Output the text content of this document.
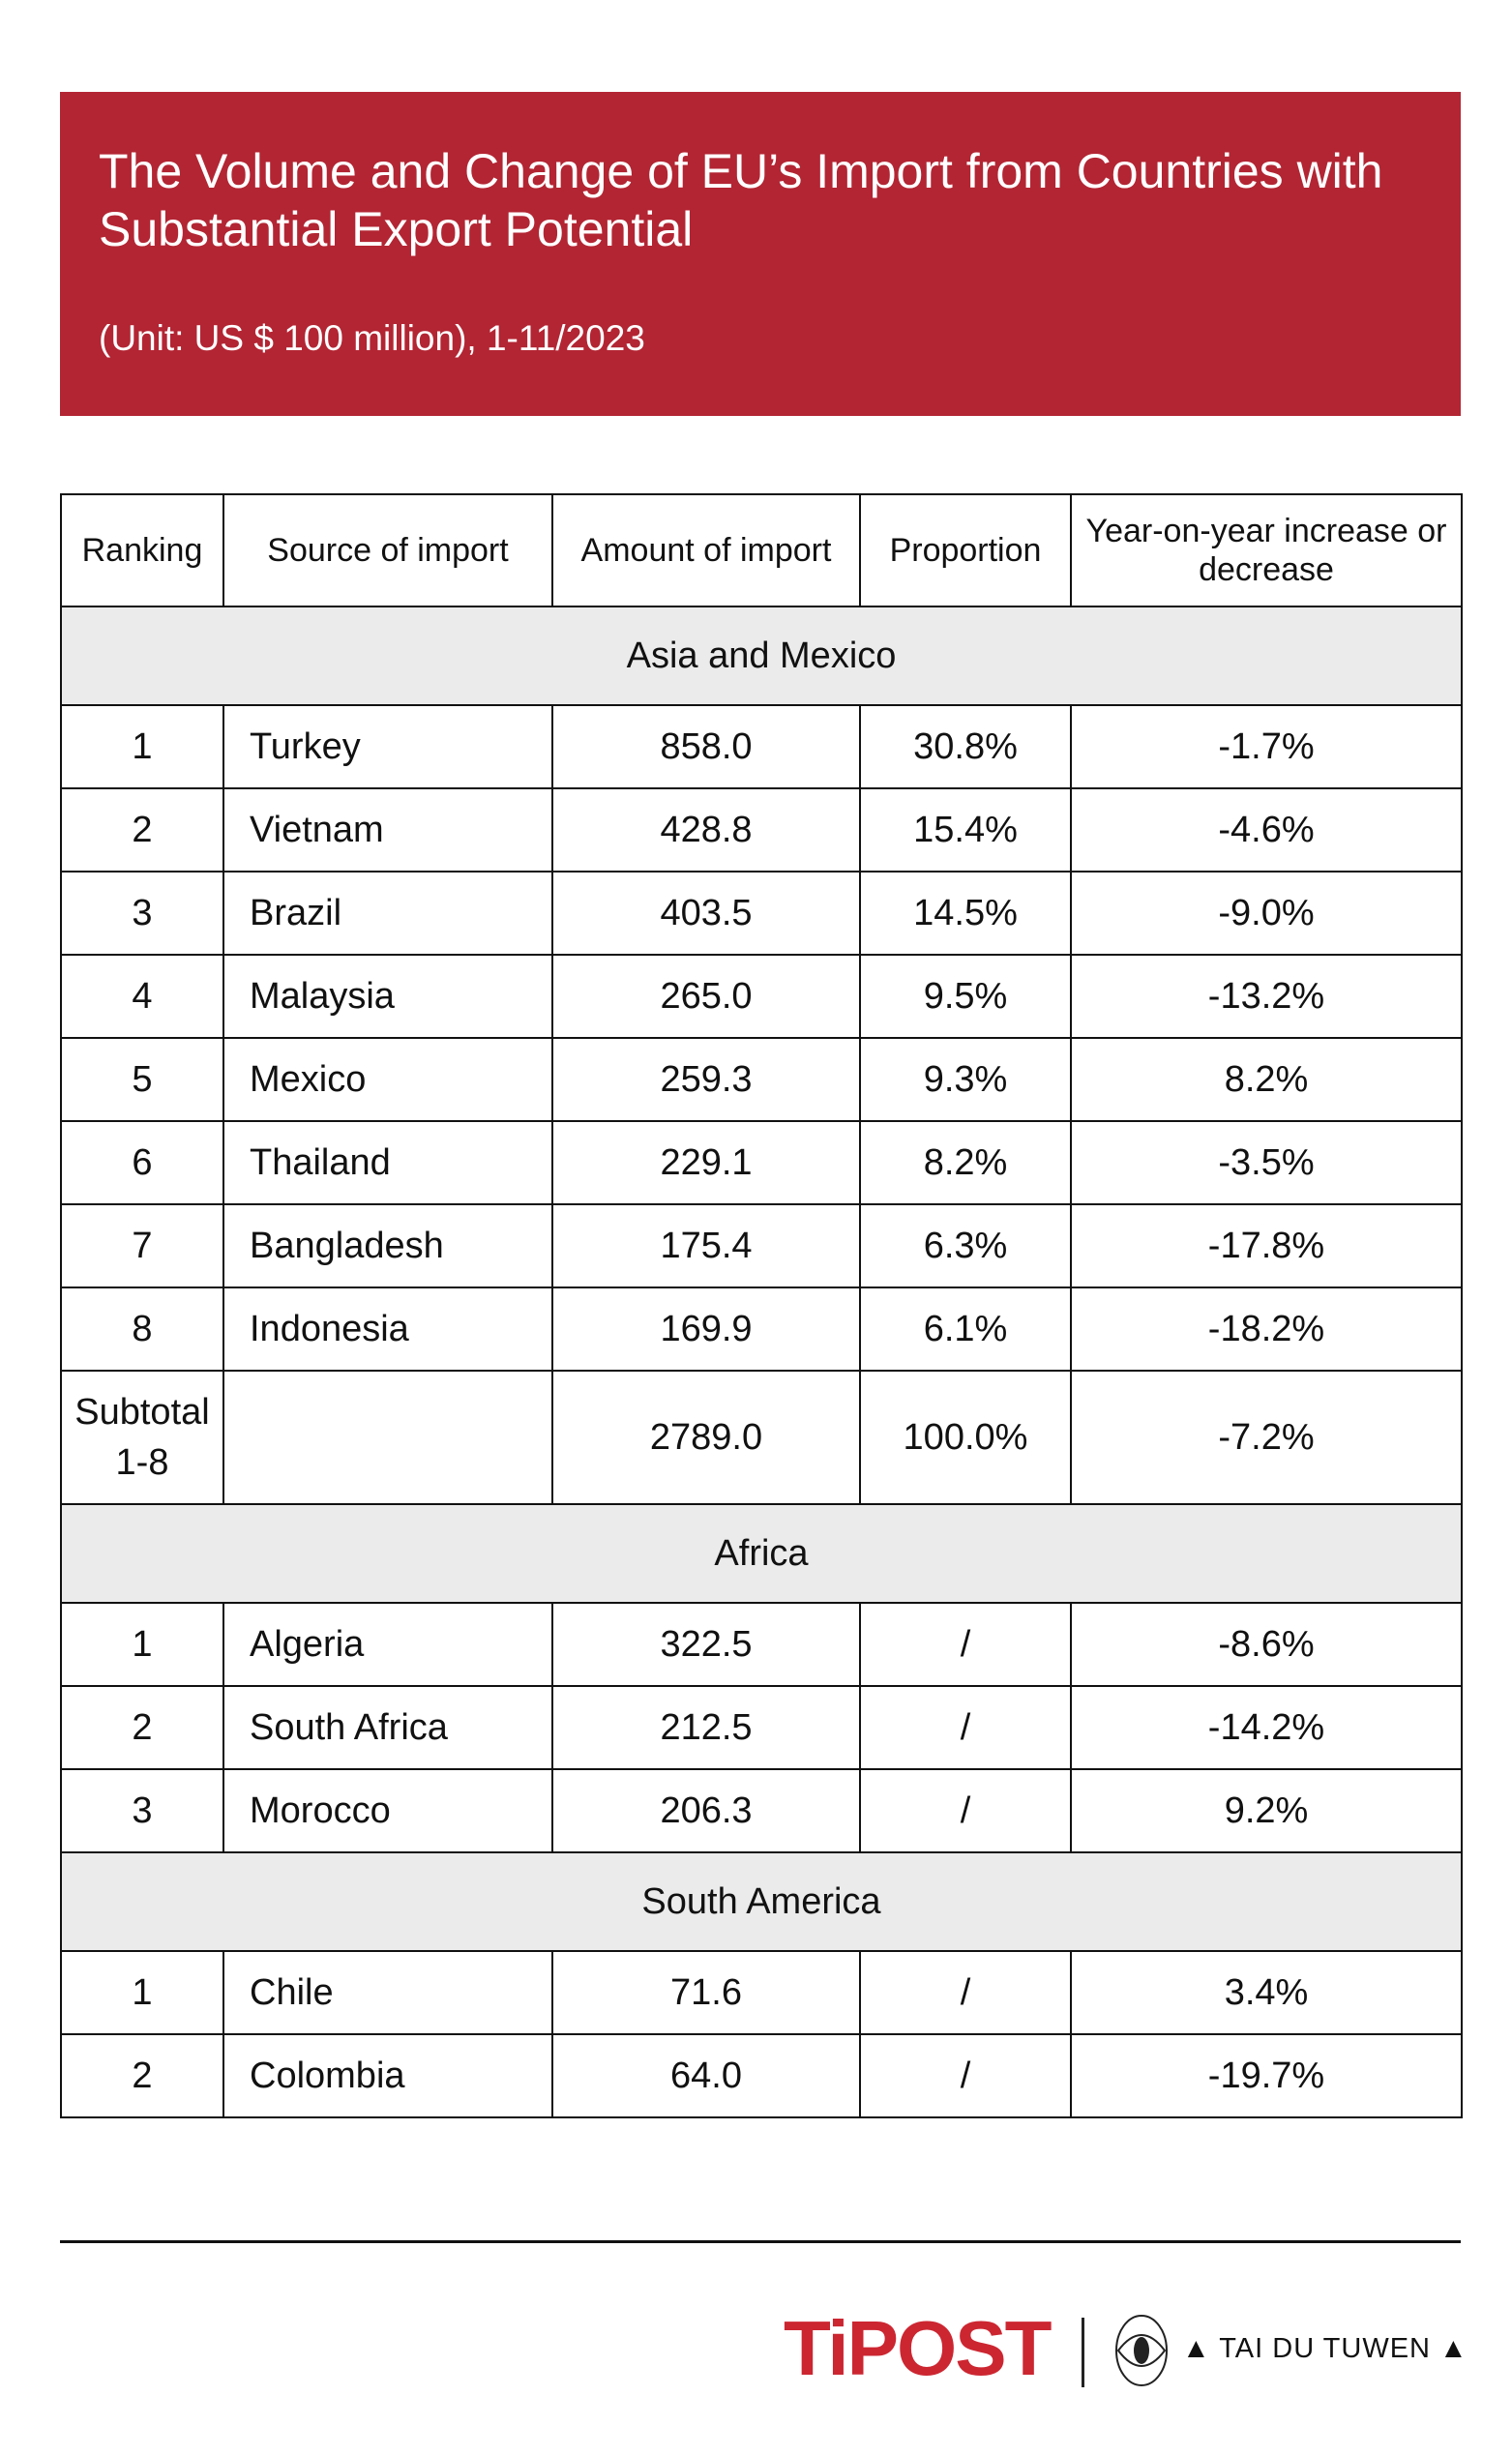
The Volume and Change of EU’s Import from Countries with Substantial Export Potential
(Unit: US $ 100 million), 1-11/2023
Ranking	Source of import	Amount of import	Proportion	Year-on-year increase or decrease
Asia and Mexico				
1	Turkey	858.0	30.8%	-1.7%
2	Vietnam	428.8	15.4%	-4.6%
3	Brazil	403.5	14.5%	-9.0%
4	Malaysia	265.0	9.5%	-13.2%
5	Mexico	259.3	9.3%	8.2%
6	Thailand	229.1	8.2%	-3.5%
7	Bangladesh	175.4	6.3%	-17.8%
8	Indonesia	169.9	6.1%	-18.2%
Subtotal 1-8		2789.0	100.0%	-7.2%
Africa				
1	Algeria	322.5	/	-8.6%
2	South Africa	212.5	/	-14.2%
3	Morocco	206.3	/	9.2%
South America				
1	Chile	71.6	/	3.4%
2	Colombia	64.0	/	-19.7%
TiPOST	▲ TAI DU TUWEN ▲
